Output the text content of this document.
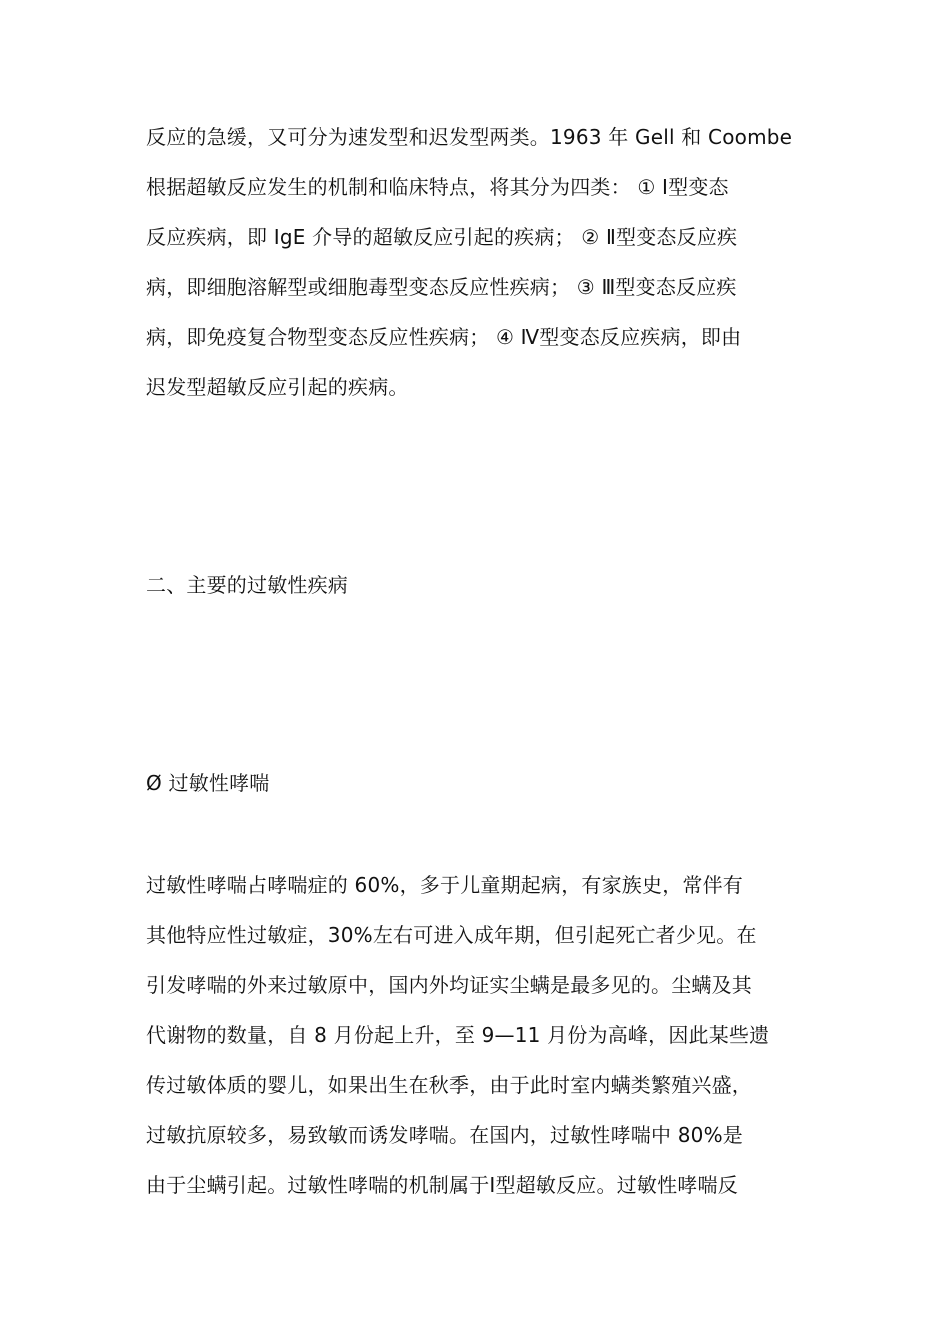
反应的急缓，又可分为速发型和迟发型两类。1963 年 Gell 和 Coombe
根据超敏反应发生的机制和临床特点，将其分为四类： ① Ⅰ型变态
反应疾病，即 IgE 介导的超敏反应引起的疾病； ② Ⅱ型变态反应疾
病，即细胞溶解型或细胞毒型变态反应性疾病； ③ Ⅲ型变态反应疾
病，即免疫复合物型变态反应性疾病； ④ Ⅳ型变态反应疾病，即由
迟发型超敏反应引起的疾病。
二、主要的过敏性疾病
Ø 过敏性哮喘
过敏性哮喘占哮喘症的 60%，多于儿童期起病，有家族史，常伴有
其他特应性过敏症，30%左右可进入成年期，但引起死亡者少见。在
引发哮喘的外来过敏原中，国内外均证实尘螨是最多见的。尘螨及其
代谢物的数量，自 8 月份起上升，至 9—11 月份为高峰，因此某些遗
传过敏体质的婴儿，如果出生在秋季，由于此时室内螨类繁殖兴盛，
过敏抗原较多，易致敏而诱发哮喘。在国内，过敏性哮喘中 80%是
由于尘螨引起。过敏性哮喘的机制属于Ⅰ型超敏反应。过敏性哮喘反
